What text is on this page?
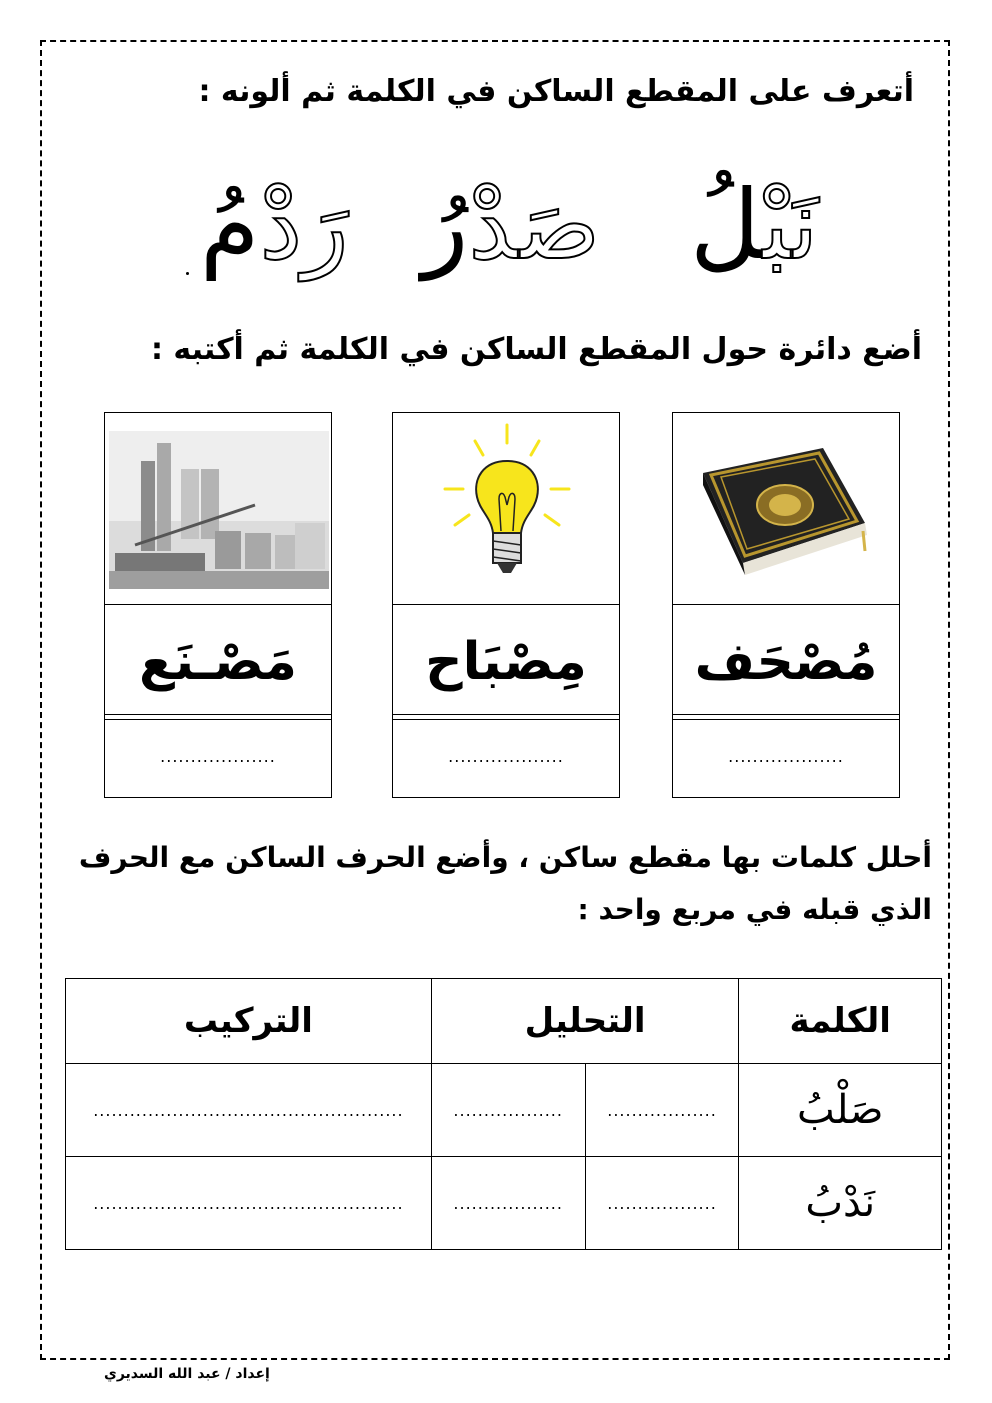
أتعرف على المقطع الساكن في الكلمة ثم ألونه :
نَبْلُ
صَدْرُ
رَدْمُ
أضع دائرة حول المقطع الساكن في الكلمة ثم أكتبه :
مُصْحَف
...................
مِصْبَاح
...................
مَصْـنَع
...................
أحلل كلمات بها مقطع ساكن ، وأضع الحرف الساكن مع الحرف الذي قبله في مربع واحد :
الكلمة	التحليل		التركيب
صَلْبُ	..................	..................	...................................................
نَدْبُ	..................	..................	...................................................
إعداد / عبد الله السديري
